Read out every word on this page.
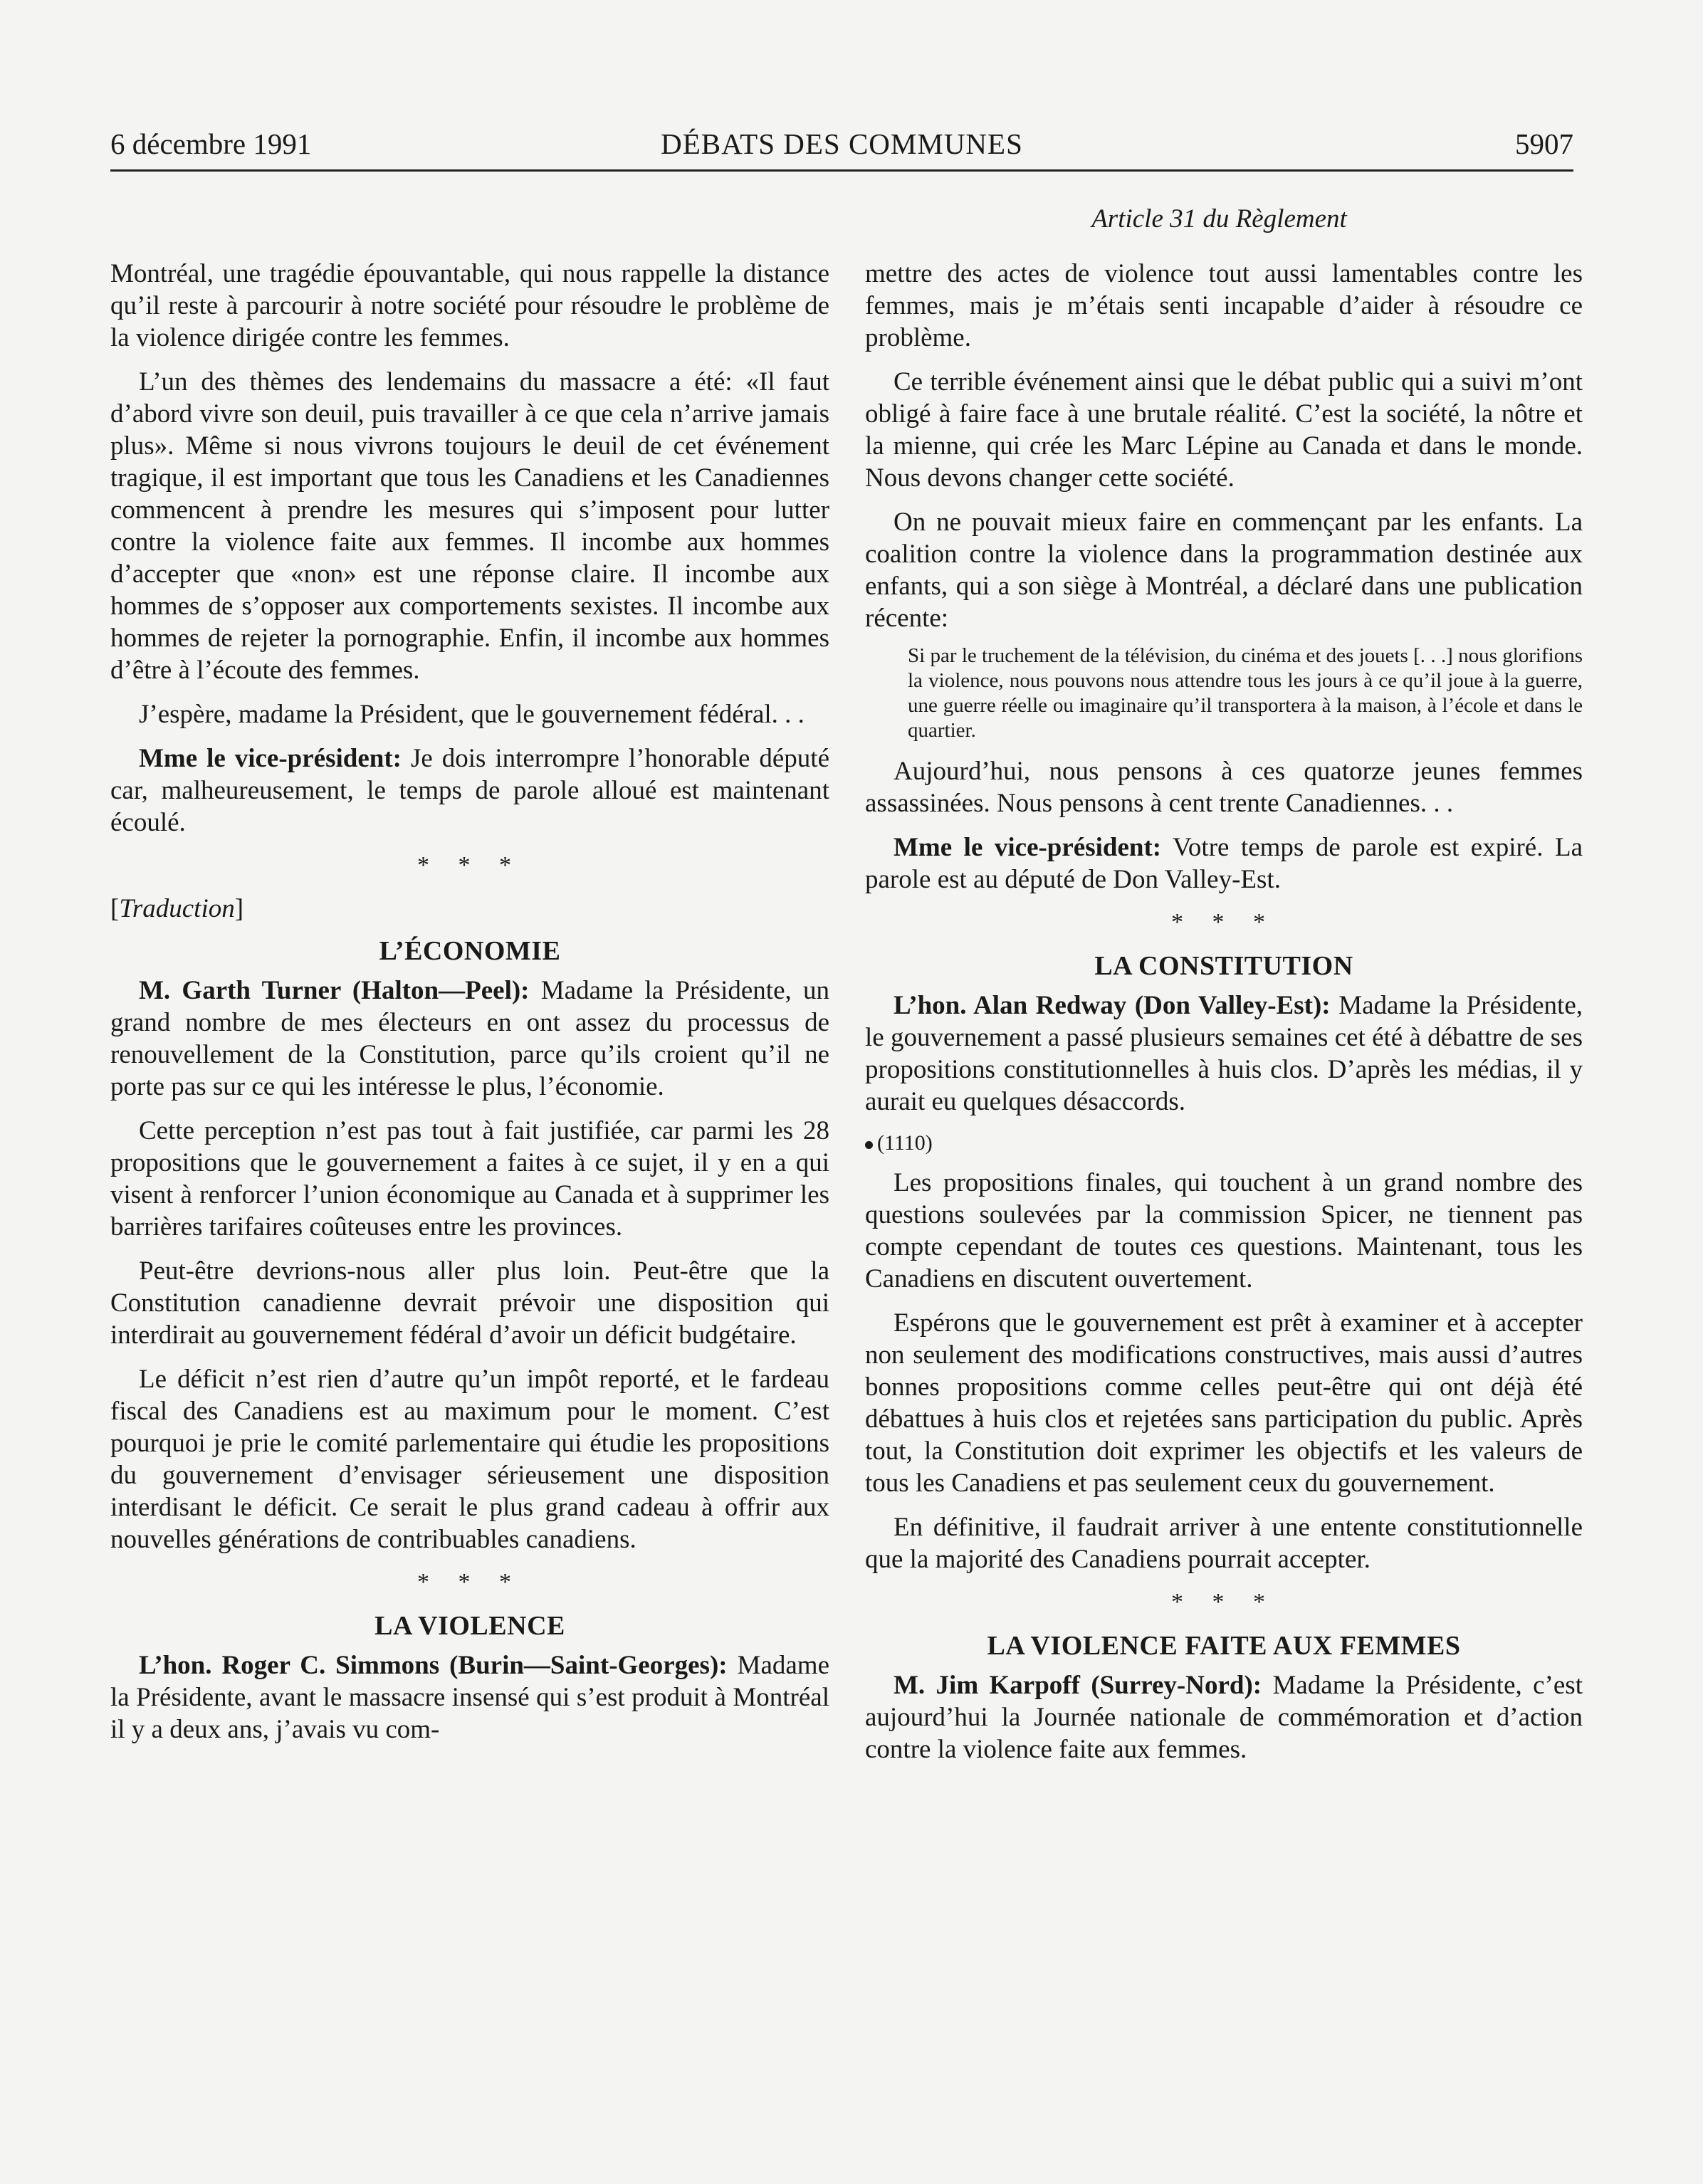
6 décembre 1991	DÉBATS DES COMMUNES	5907
Article 31 du Règlement

Montréal, une tragédie épouvantable, qui nous rappelle la distance qu’il reste à parcourir à notre société pour résoudre le problème de la violence dirigée contre les femmes.

L’un des thèmes des lendemains du massacre a été: «Il faut d’abord vivre son deuil, puis travailler à ce que cela n’arrive jamais plus». Même si nous vivrons toujours le deuil de cet événement tragique, il est important que tous les Canadiens et les Canadiennes commencent à prendre les mesures qui s’imposent pour lutter contre la violence faite aux femmes. Il incombe aux hommes d’accepter que «non» est une réponse claire. Il incombe aux hommes de s’opposer aux comportements sexistes. Il incombe aux hommes de rejeter la pornographie. Enfin, il incombe aux hommes d’être à l’écoute des femmes.

J’espère, madame la Président, que le gouvernement fédéral. . .

Mme le vice-président: Je dois interrompre l’honorable député car, malheureusement, le temps de parole alloué est maintenant écoulé.

* * *
[Traduction]
L’ÉCONOMIE

M. Garth Turner (Halton—Peel): Madame la Présidente, un grand nombre de mes électeurs en ont assez du processus de renouvellement de la Constitution, parce qu’ils croient qu’il ne porte pas sur ce qui les intéresse le plus, l’économie.

Cette perception n’est pas tout à fait justifiée, car parmi les 28 propositions que le gouvernement a faites à ce sujet, il y en a qui visent à renforcer l’union économique au Canada et à supprimer les barrières tarifaires coûteuses entre les provinces.

Peut-être devrions-nous aller plus loin. Peut-être que la Constitution canadienne devrait prévoir une disposition qui interdirait au gouvernement fédéral d’avoir un déficit budgétaire.

Le déficit n’est rien d’autre qu’un impôt reporté, et le fardeau fiscal des Canadiens est au maximum pour le moment. C’est pourquoi je prie le comité parlementaire qui étudie les propositions du gouvernement d’envisager sérieusement une disposition interdisant le déficit. Ce serait le plus grand cadeau à offrir aux nouvelles générations de contribuables canadiens.

* * *
LA VIOLENCE

L’hon. Roger C. Simmons (Burin—Saint-Georges): Madame la Présidente, avant le massacre insensé qui s’est produit à Montréal il y a deux ans, j’avais vu com-

mettre des actes de violence tout aussi lamentables contre les femmes, mais je m’étais senti incapable d’aider à résoudre ce problème.

Ce terrible événement ainsi que le débat public qui a suivi m’ont obligé à faire face à une brutale réalité. C’est la société, la nôtre et la mienne, qui crée les Marc Lépine au Canada et dans le monde. Nous devons changer cette société.

On ne pouvait mieux faire en commençant par les enfants. La coalition contre la violence dans la programmation destinée aux enfants, qui a son siège à Montréal, a déclaré dans une publication récente:

Si par le truchement de la télévision, du cinéma et des jouets [. . .] nous glorifions la violence, nous pouvons nous attendre tous les jours à ce qu’il joue à la guerre, une guerre réelle ou imaginaire qu’il transportera à la maison, à l’école et dans le quartier.

Aujourd’hui, nous pensons à ces quatorze jeunes femmes assassinées. Nous pensons à cent trente Canadiennes. . .

Mme le vice-président: Votre temps de parole est expiré. La parole est au député de Don Valley-Est.

* * *
LA CONSTITUTION

L’hon. Alan Redway (Don Valley-Est): Madame la Présidente, le gouvernement a passé plusieurs semaines cet été à débattre de ses propositions constitutionnelles à huis clos. D’après les médias, il y aurait eu quelques désaccords.

(1110)

Les propositions finales, qui touchent à un grand nombre des questions soulevées par la commission Spicer, ne tiennent pas compte cependant de toutes ces questions. Maintenant, tous les Canadiens en discutent ouvertement.

Espérons que le gouvernement est prêt à examiner et à accepter non seulement des modifications constructives, mais aussi d’autres bonnes propositions comme celles peut-être qui ont déjà été débattues à huis clos et rejetées sans participation du public. Après tout, la Constitution doit exprimer les objectifs et les valeurs de tous les Canadiens et pas seulement ceux du gouvernement.

En définitive, il faudrait arriver à une entente constitutionnelle que la majorité des Canadiens pourrait accepter.

* * *
LA VIOLENCE FAITE AUX FEMMES

M. Jim Karpoff (Surrey-Nord): Madame la Présidente, c’est aujourd’hui la Journée nationale de commémoration et d’action contre la violence faite aux femmes.
